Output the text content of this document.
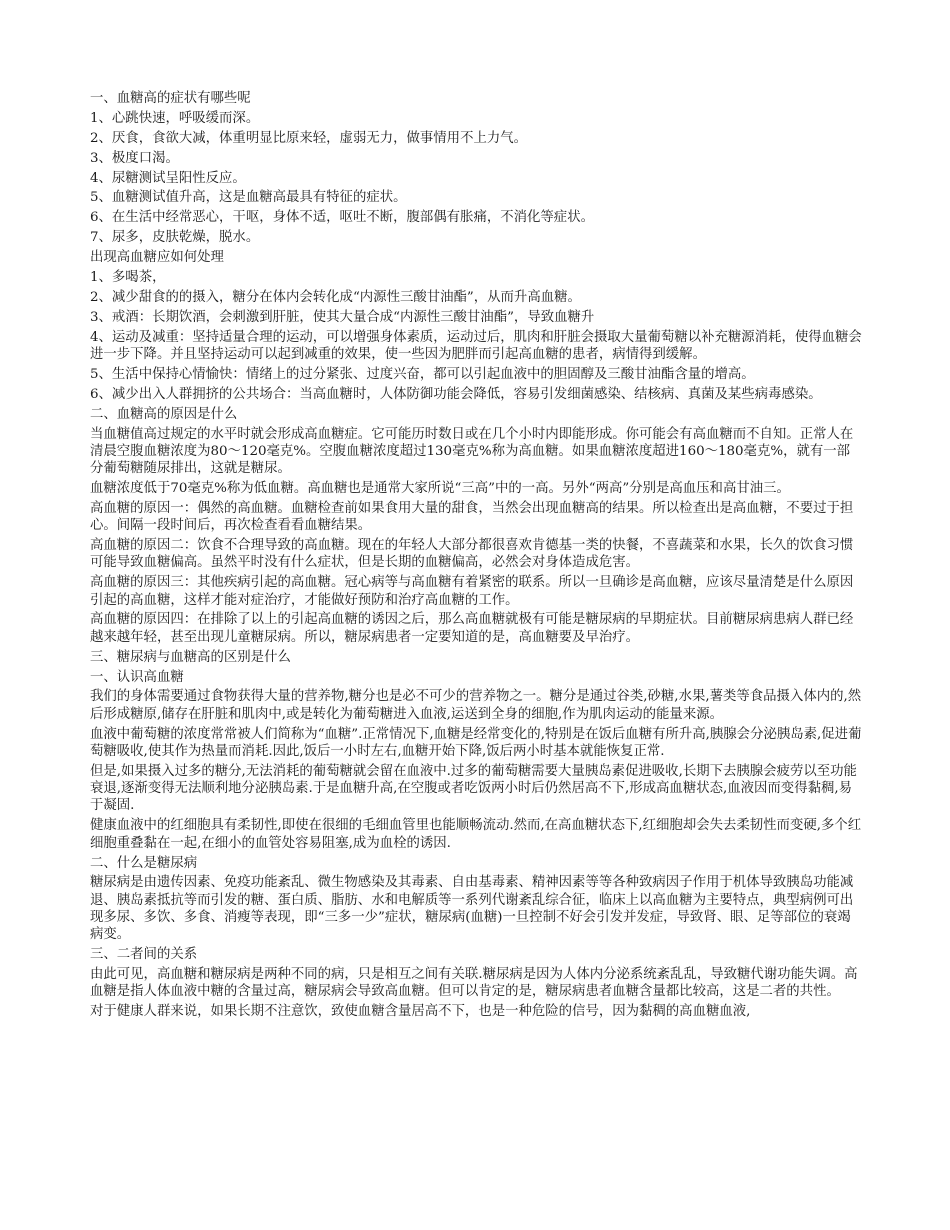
一、血糖高的症状有哪些呢

1、心跳快速，呼吸缓而深。

2、厌食，食欲大减，体重明显比原来轻，虚弱无力，做事情用不上力气。

3、极度口渴。

4、尿糖测试呈阳性反应。

5、血糖测试值升高，这是血糖高最具有特征的症状。

6、在生活中经常恶心，干呕，身体不适，呕吐不断，腹部偶有胀痛，不消化等症状。

7、尿多，皮肤乾燥，脱水。

出现高血糖应如何处理

1、多喝茶，

2、减少甜食的的摄入，糖分在体内会转化成“内源性三酸甘油酯”，从而升高血糖。

3、戒酒：长期饮酒，会刺激到肝脏，使其大量合成“内源性三酸甘油酯”，导致血糖升

4、运动及减重：坚持适量合理的运动，可以增强身体素质，运动过后，肌肉和肝脏会摄取大量葡萄糖以补充糖源消耗，使得血糖会进一步下降。并且坚持运动可以起到减重的效果，使一些因为肥胖而引起高血糖的患者，病情得到缓解。

5、生活中保持心情愉快：情绪上的过分紧张、过度兴奋，都可以引起血液中的胆固醇及三酸甘油酯含量的增高。

6、减少出入人群拥挤的公共场合：当高血糖时，人体防御功能会降低，容易引发细菌感染、结核病、真菌及某些病毒感染。

二、血糖高的原因是什么

当血糖值高过规定的水平时就会形成高血糖症。它可能历时数日或在几个小时内即能形成。你可能会有高血糖而不自知。正常人在清晨空腹血糖浓度为80～120毫克%。空腹血糖浓度超过130毫克%称为高血糖。如果血糖浓度超进160～180毫克%，就有一部分葡萄糖随尿排出，这就是糖尿。

血糖浓度低于70毫克%称为低血糖。高血糖也是通常大家所说“三高”中的一高。另外“两高”分别是高血压和高甘油三。

高血糖的原因一：偶然的高血糖。血糖检查前如果食用大量的甜食，当然会出现血糖高的结果。所以检查出是高血糖，不要过于担心。间隔一段时间后，再次检查看看血糖结果。

高血糖的原因二：饮食不合理导致的高血糖。现在的年轻人大部分都很喜欢肯德基一类的快餐，不喜蔬菜和水果，长久的饮食习惯可能导致血糖偏高。虽然平时没有什么症状，但是长期的血糖偏高，必然会对身体造成危害。

高血糖的原因三：其他疾病引起的高血糖。冠心病等与高血糖有着紧密的联系。所以一旦确诊是高血糖，应该尽量清楚是什么原因引起的高血糖，这样才能对症治疗，才能做好预防和治疗高血糖的工作。

高血糖的原因四：在排除了以上的引起高血糖的诱因之后，那么高血糖就极有可能是糖尿病的早期症状。目前糖尿病患病人群已经越来越年轻，甚至出现儿童糖尿病。所以，糖尿病患者一定要知道的是，高血糖要及早治疗。

三、糖尿病与血糖高的区别是什么

一、认识高血糖

我们的身体需要通过食物获得大量的营养物,糖分也是必不可少的营养物之一。糖分是通过谷类,砂糖,水果,薯类等食品摄入体内的,然后形成糖原,储存在肝脏和肌肉中,或是转化为葡萄糖进入血液,运送到全身的细胞,作为肌肉运动的能量来源。

血液中葡萄糖的浓度常常被人们简称为“血糖”.正常情况下,血糖是经常变化的,特别是在饭后血糖有所升高,胰腺会分泌胰岛素,促进葡萄糖吸收,使其作为热量而消耗.因此,饭后一小时左右,血糖开始下降,饭后两小时基本就能恢复正常.

但是,如果摄入过多的糖分,无法消耗的葡萄糖就会留在血液中.过多的葡萄糖需要大量胰岛素促进吸收,长期下去胰腺会疲劳以至功能衰退,逐渐变得无法顺利地分泌胰岛素.于是血糖升高,在空腹或者吃饭两小时后仍然居高不下,形成高血糖状态,血液因而变得黏稠,易于凝固.

健康血液中的红细胞具有柔韧性,即使在很细的毛细血管里也能顺畅流动.然而,在高血糖状态下,红细胞却会失去柔韧性而变硬,多个红细胞重叠黏在一起,在细小的血管处容易阻塞,成为血栓的诱因.

二、什么是糖尿病

糖尿病是由遗传因素、免疫功能紊乱、微生物感染及其毒素、自由基毒素、精神因素等等各种致病因子作用于机体导致胰岛功能减退、胰岛素抵抗等而引发的糖、蛋白质、脂肪、水和电解质等一系列代谢紊乱综合征，临床上以高血糖为主要特点，典型病例可出现多尿、多饮、多食、消瘦等表现，即“三多一少”症状，糖尿病(血糖)一旦控制不好会引发并发症，导致肾、眼、足等部位的衰竭病变。

三、二者间的关系

由此可见，高血糖和糖尿病是两种不同的病，只是相互之间有关联.糖尿病是因为人体内分泌系统紊乱乱，导致糖代谢功能失调。高血糖是指人体血液中糖的含量过高，糖尿病会导致高血糖。但可以肯定的是，糖尿病患者血糖含量都比较高，这是二者的共性。

对于健康人群来说，如果长期不注意饮，致使血糖含量居高不下，也是一种危险的信号，因为黏稠的高血糖血液,
